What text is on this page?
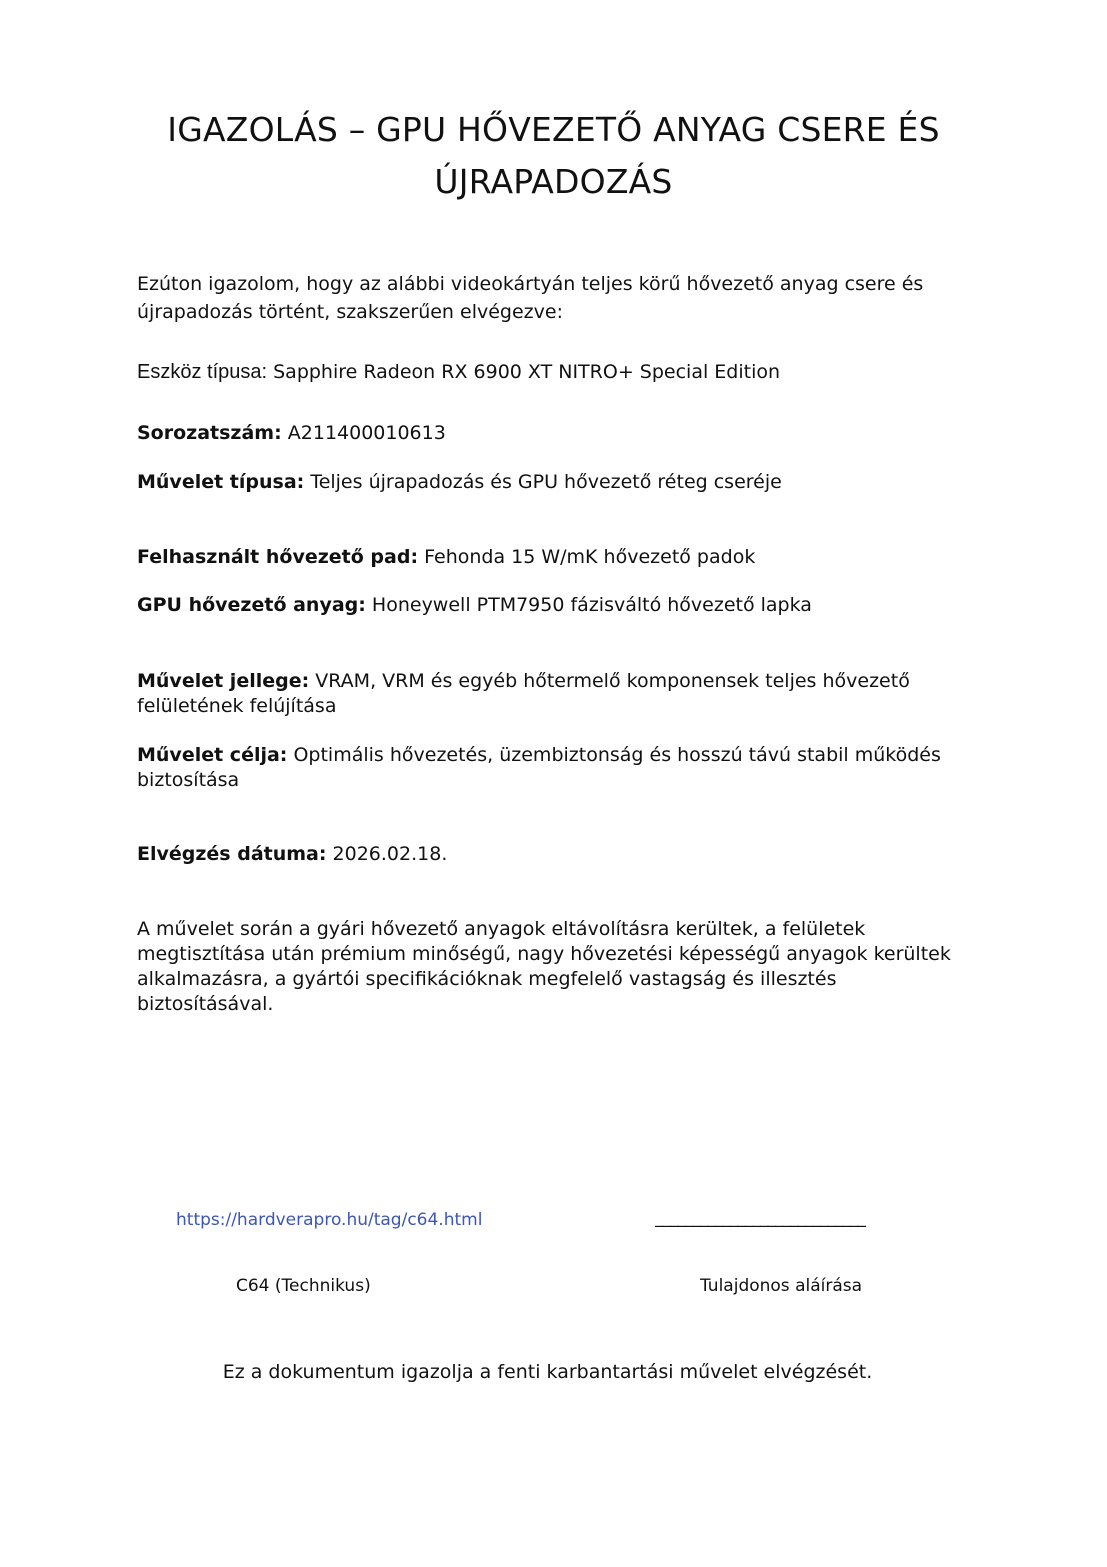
IGAZOLÁS – GPU HŐVEZETŐ ANYAG CSERE ÉS
ÚJRAPADOZÁS
Ezúton igazolom, hogy az alábbi videokártyán teljes körű hővezető anyag csere és újrapadozás történt, szakszerűen elvégezve:
Eszköz típusa: Sapphire Radeon RX 6900 XT NITRO+ Special Edition
Sorozatszám: A211400010613
Művelet típusa: Teljes újrapadozás és GPU hővezető réteg cseréje
Felhasznált hővezető pad: Fehonda 15 W/mK hővezető padok
GPU hővezető anyag: Honeywell PTM7950 fázisváltó hővezető lapka
Művelet jellege: VRAM, VRM és egyéb hőtermelő komponensek teljes hővezető felületének felújítása
Művelet célja: Optimális hővezetés, üzembiztonság és hosszú távú stabil működés biztosítása
Elvégzés dátuma: 2026.02.18.
A művelet során a gyári hővezető anyagok eltávolításra kerültek, a felületek megtisztítása után prémium minőségű, nagy hővezetési képességű anyagok kerültek alkalmazásra, a gyártói specifikációknak megfelelő vastagság és illesztés biztosításával.
https://hardverapro.hu/tag/c64.html	____________________________
C64 (Technikus)	Tulajdonos aláírása
Ez a dokumentum igazolja a fenti karbantartási művelet elvégzését.
